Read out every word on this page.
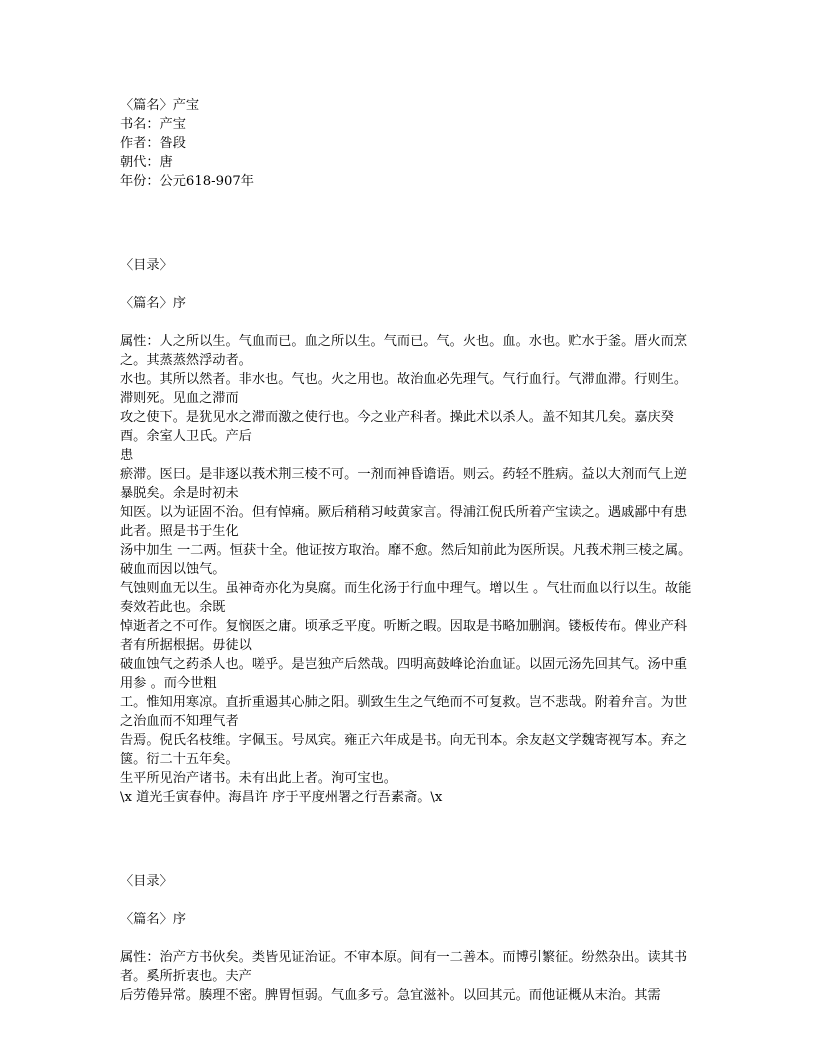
〈篇名〉产宝

书名：产宝

作者：昝段

朝代：唐

年份：公元618-907年

〈目录〉

〈篇名〉序

属性：人之所以生。气血而已。血之所以生。气而已。气。火也。血。水也。贮水于釜。厝火而烹之。其蒸蒸然浮动者。

水也。其所以然者。非水也。气也。火之用也。故治血必先理气。气行血行。气滞血滞。行则生。滞则死。见血之滞而

攻之使下。是犹见水之滞而激之使行也。今之业产科者。操此术以杀人。盖不知其几矣。嘉庆癸酉。余室人卫氏。产后

患

瘀滞。医曰。是非逐以莪术荆三棱不可。一剂而神昏谵语。则云。药轻不胜病。益以大剂而气上逆暴脱矣。余是时初未

知医。以为证固不治。但有悼痛。厥后稍稍习岐黄家言。得浦江倪氏所着产宝读之。遇戚鄙中有患此者。照是书于生化

汤中加生 一二两。恒获十全。他证按方取治。靡不愈。然后知前此为医所误。凡莪术荆三棱之属。破血而因以蚀气。

气蚀则血无以生。虽神奇亦化为臭腐。而生化汤于行血中理气。增以生 。气壮而血以行以生。故能奏效若此也。余既

悼逝者之不可作。复悯医之庸。顷承乏平度。听断之暇。因取是书略加删润。镂板传布。俾业产科者有所据根据。毋徒以

破血蚀气之药杀人也。嗟乎。是岂独产后然哉。四明高鼓峰论治血证。以固元汤先回其气。汤中重用参 。而今世粗

工。惟知用寒凉。直折重遏其心肺之阳。驯致生生之气绝而不可复救。岂不悲哉。附着弁言。为世之治血而不知理气者

告焉。倪氏名枝维。字佩玉。号凤宾。雍正六年成是书。向无刊本。余友赵文学魏寄视写本。弃之箧。衍二十五年矣。

生平所见治产诸书。未有出此上者。洵可宝也。

\x 道光壬寅春仲。海昌许 序于平度州署之行吾素斋。\x

〈目录〉

〈篇名〉序

属性：治产方书伙矣。类皆见证治证。不审本原。间有一二善本。而博引繁征。纷然杂出。读其书者。奚所折衷也。夫产

后劳倦异常。腠理不密。脾胃恒弱。气血多亏。急宜滋补。以回其元。而他证概从末治。其需
